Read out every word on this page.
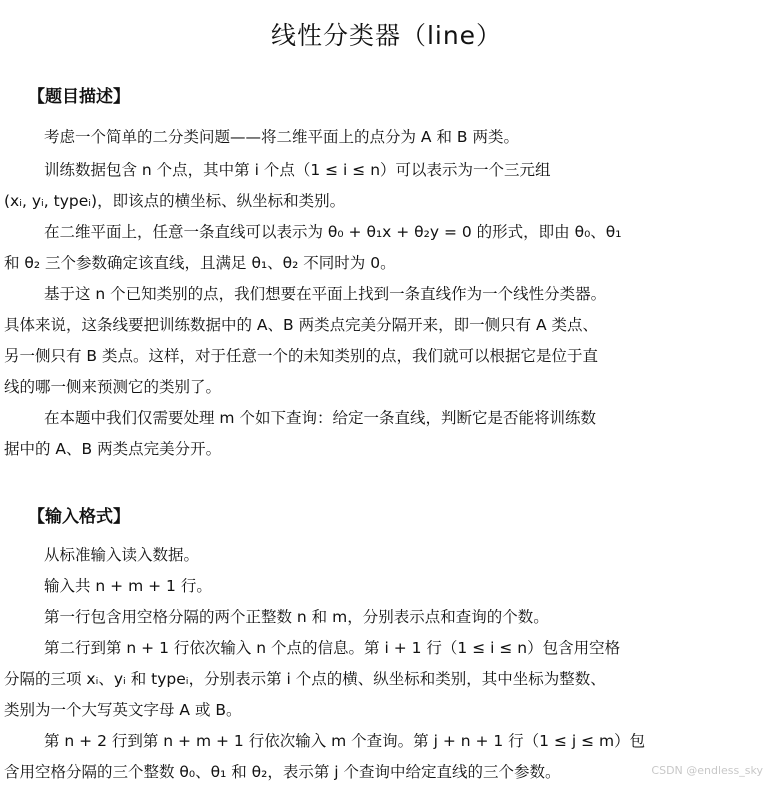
线性分类器（line）
【题目描述】
考虑一个简单的二分类问题——将二维平面上的点分为 A 和 B 两类。
训练数据包含 n 个点，其中第 i 个点（1 ≤ i ≤ n）可以表示为一个三元组
(xᵢ, yᵢ, typeᵢ)，即该点的横坐标、纵坐标和类别。
在二维平面上，任意一条直线可以表示为 θ₀ + θ₁x + θ₂y = 0 的形式，即由 θ₀、θ₁
和 θ₂ 三个参数确定该直线，且满足 θ₁、θ₂ 不同时为 0。
基于这 n 个已知类别的点，我们想要在平面上找到一条直线作为一个线性分类器。
具体来说，这条线要把训练数据中的 A、B 两类点完美分隔开来，即一侧只有 A 类点、
另一侧只有 B 类点。这样，对于任意一个的未知类别的点，我们就可以根据它是位于直
线的哪一侧来预测它的类别了。
在本题中我们仅需要处理 m 个如下查询：给定一条直线，判断它是否能将训练数
据中的 A、B 两类点完美分开。
【输入格式】
从标准输入读入数据。
输入共 n + m + 1 行。
第一行包含用空格分隔的两个正整数 n 和 m，分别表示点和查询的个数。
第二行到第 n + 1 行依次输入 n 个点的信息。第 i + 1 行（1 ≤ i ≤ n）包含用空格
分隔的三项 xᵢ、yᵢ 和 typeᵢ，分别表示第 i 个点的横、纵坐标和类别，其中坐标为整数、
类别为一个大写英文字母 A 或 B。
第 n + 2 行到第 n + m + 1 行依次输入 m 个查询。第 j + n + 1 行（1 ≤ j ≤ m）包
含用空格分隔的三个整数 θ₀、θ₁ 和 θ₂，表示第 j 个查询中给定直线的三个参数。	CSDN @endless_sky
